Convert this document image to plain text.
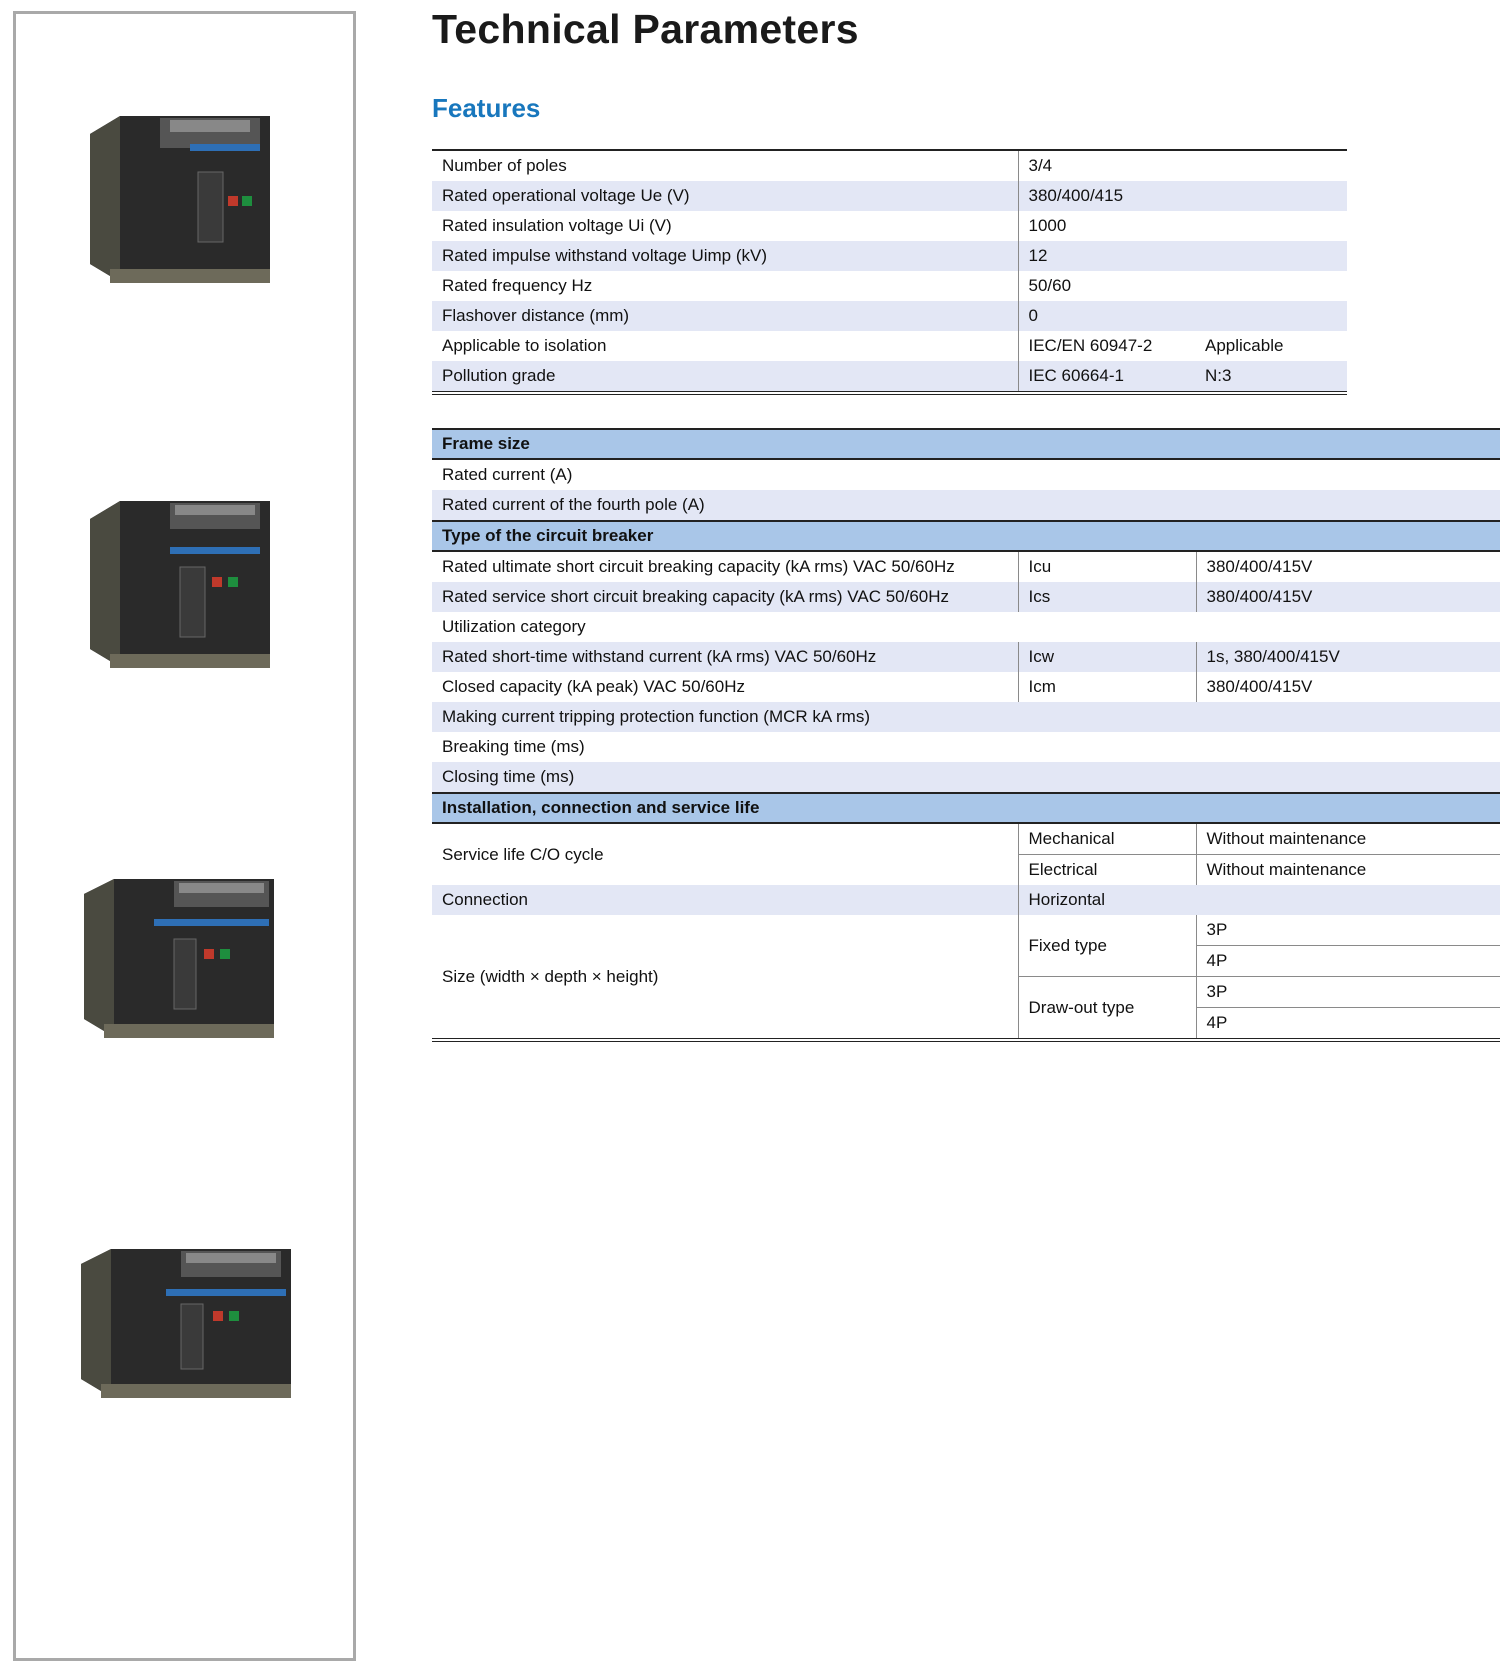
Technical Parameters
Features
Number of poles	3/4	
Rated operational voltage Ue (V)	380/400/415	
Rated insulation voltage Ui (V)	1000	
Rated impulse withstand voltage Uimp (kV)	12	
Rated frequency Hz	50/60	
Flashover distance (mm)	0	
Applicable to isolation	IEC/EN 60947-2	Applicable
Pollution grade	IEC 60664-1	N:3
Frame size		
Rated current (A)		
Rated current of the fourth pole (A)		
Type of the circuit breaker		
Rated ultimate short circuit breaking capacity (kA rms) VAC 50/60Hz	Icu	380/400/415V
Rated service short circuit breaking capacity (kA rms) VAC 50/60Hz	Ics	380/400/415V
Utilization category		
Rated short-time withstand current (kA rms) VAC 50/60Hz	Icw	1s, 380/400/415V
Closed capacity (kA peak) VAC 50/60Hz	Icm	380/400/415V
Making current tripping protection function (MCR kA rms)		
Breaking time (ms)		
Closing time (ms)		
Installation, connection and service life		
Service life C/O cycle	Mechanical	Without maintenance
	Electrical	Without maintenance
Connection	Horizontal	
Size (width × depth × height)	Fixed type	3P
		4P
	Draw-out type	3P
		4P
